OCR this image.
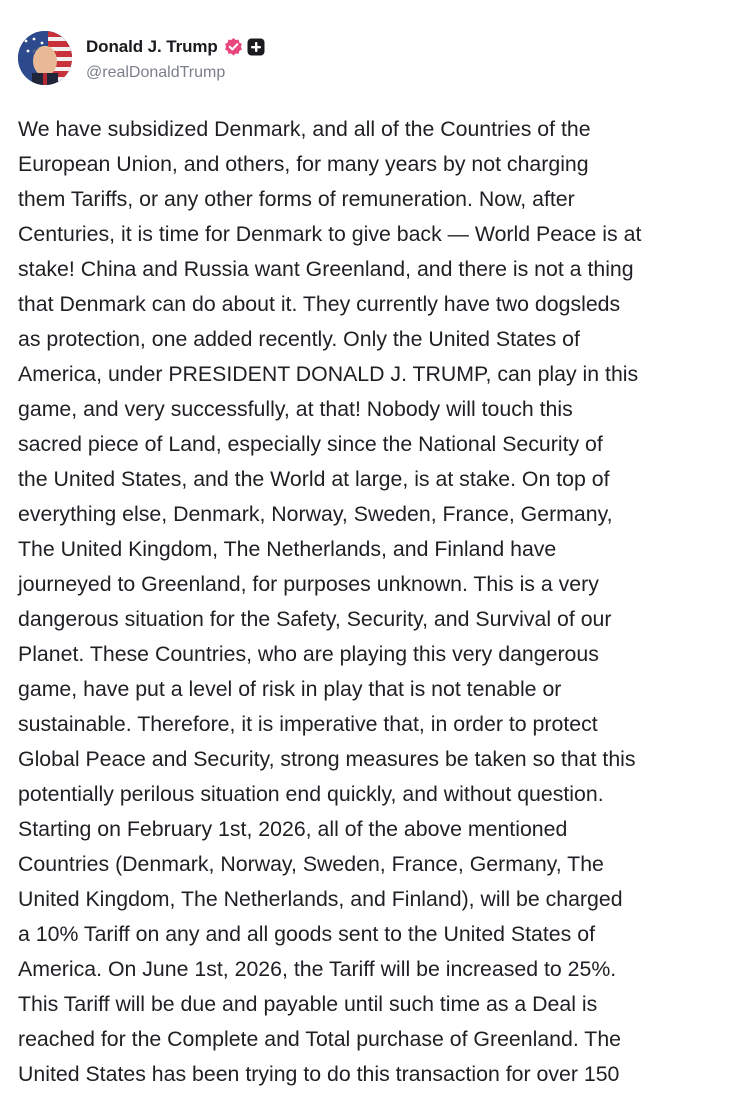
Donald J. Trump
@realDonaldTrump
We have subsidized Denmark, and all of the Countries of the
European Union, and others, for many years by not charging
them Tariffs, or any other forms of remuneration. Now, after
Centuries, it is time for Denmark to give back — World Peace is at
stake! China and Russia want Greenland, and there is not a thing
that Denmark can do about it. They currently have two dogsleds
as protection, one added recently. Only the United States of
America, under PRESIDENT DONALD J. TRUMP, can play in this
game, and very successfully, at that! Nobody will touch this
sacred piece of Land, especially since the National Security of
the United States, and the World at large, is at stake. On top of
everything else, Denmark, Norway, Sweden, France, Germany,
The United Kingdom, The Netherlands, and Finland have
journeyed to Greenland, for purposes unknown. This is a very
dangerous situation for the Safety, Security, and Survival of our
Planet. These Countries, who are playing this very dangerous
game, have put a level of risk in play that is not tenable or
sustainable. Therefore, it is imperative that, in order to protect
Global Peace and Security, strong measures be taken so that this
potentially perilous situation end quickly, and without question.
Starting on February 1st, 2026, all of the above mentioned
Countries (Denmark, Norway, Sweden, France, Germany, The
United Kingdom, The Netherlands, and Finland), will be charged
a 10% Tariff on any and all goods sent to the United States of
America. On June 1st, 2026, the Tariff will be increased to 25%.
This Tariff will be due and payable until such time as a Deal is
reached for the Complete and Total purchase of Greenland. The
United States has been trying to do this transaction for over 150
